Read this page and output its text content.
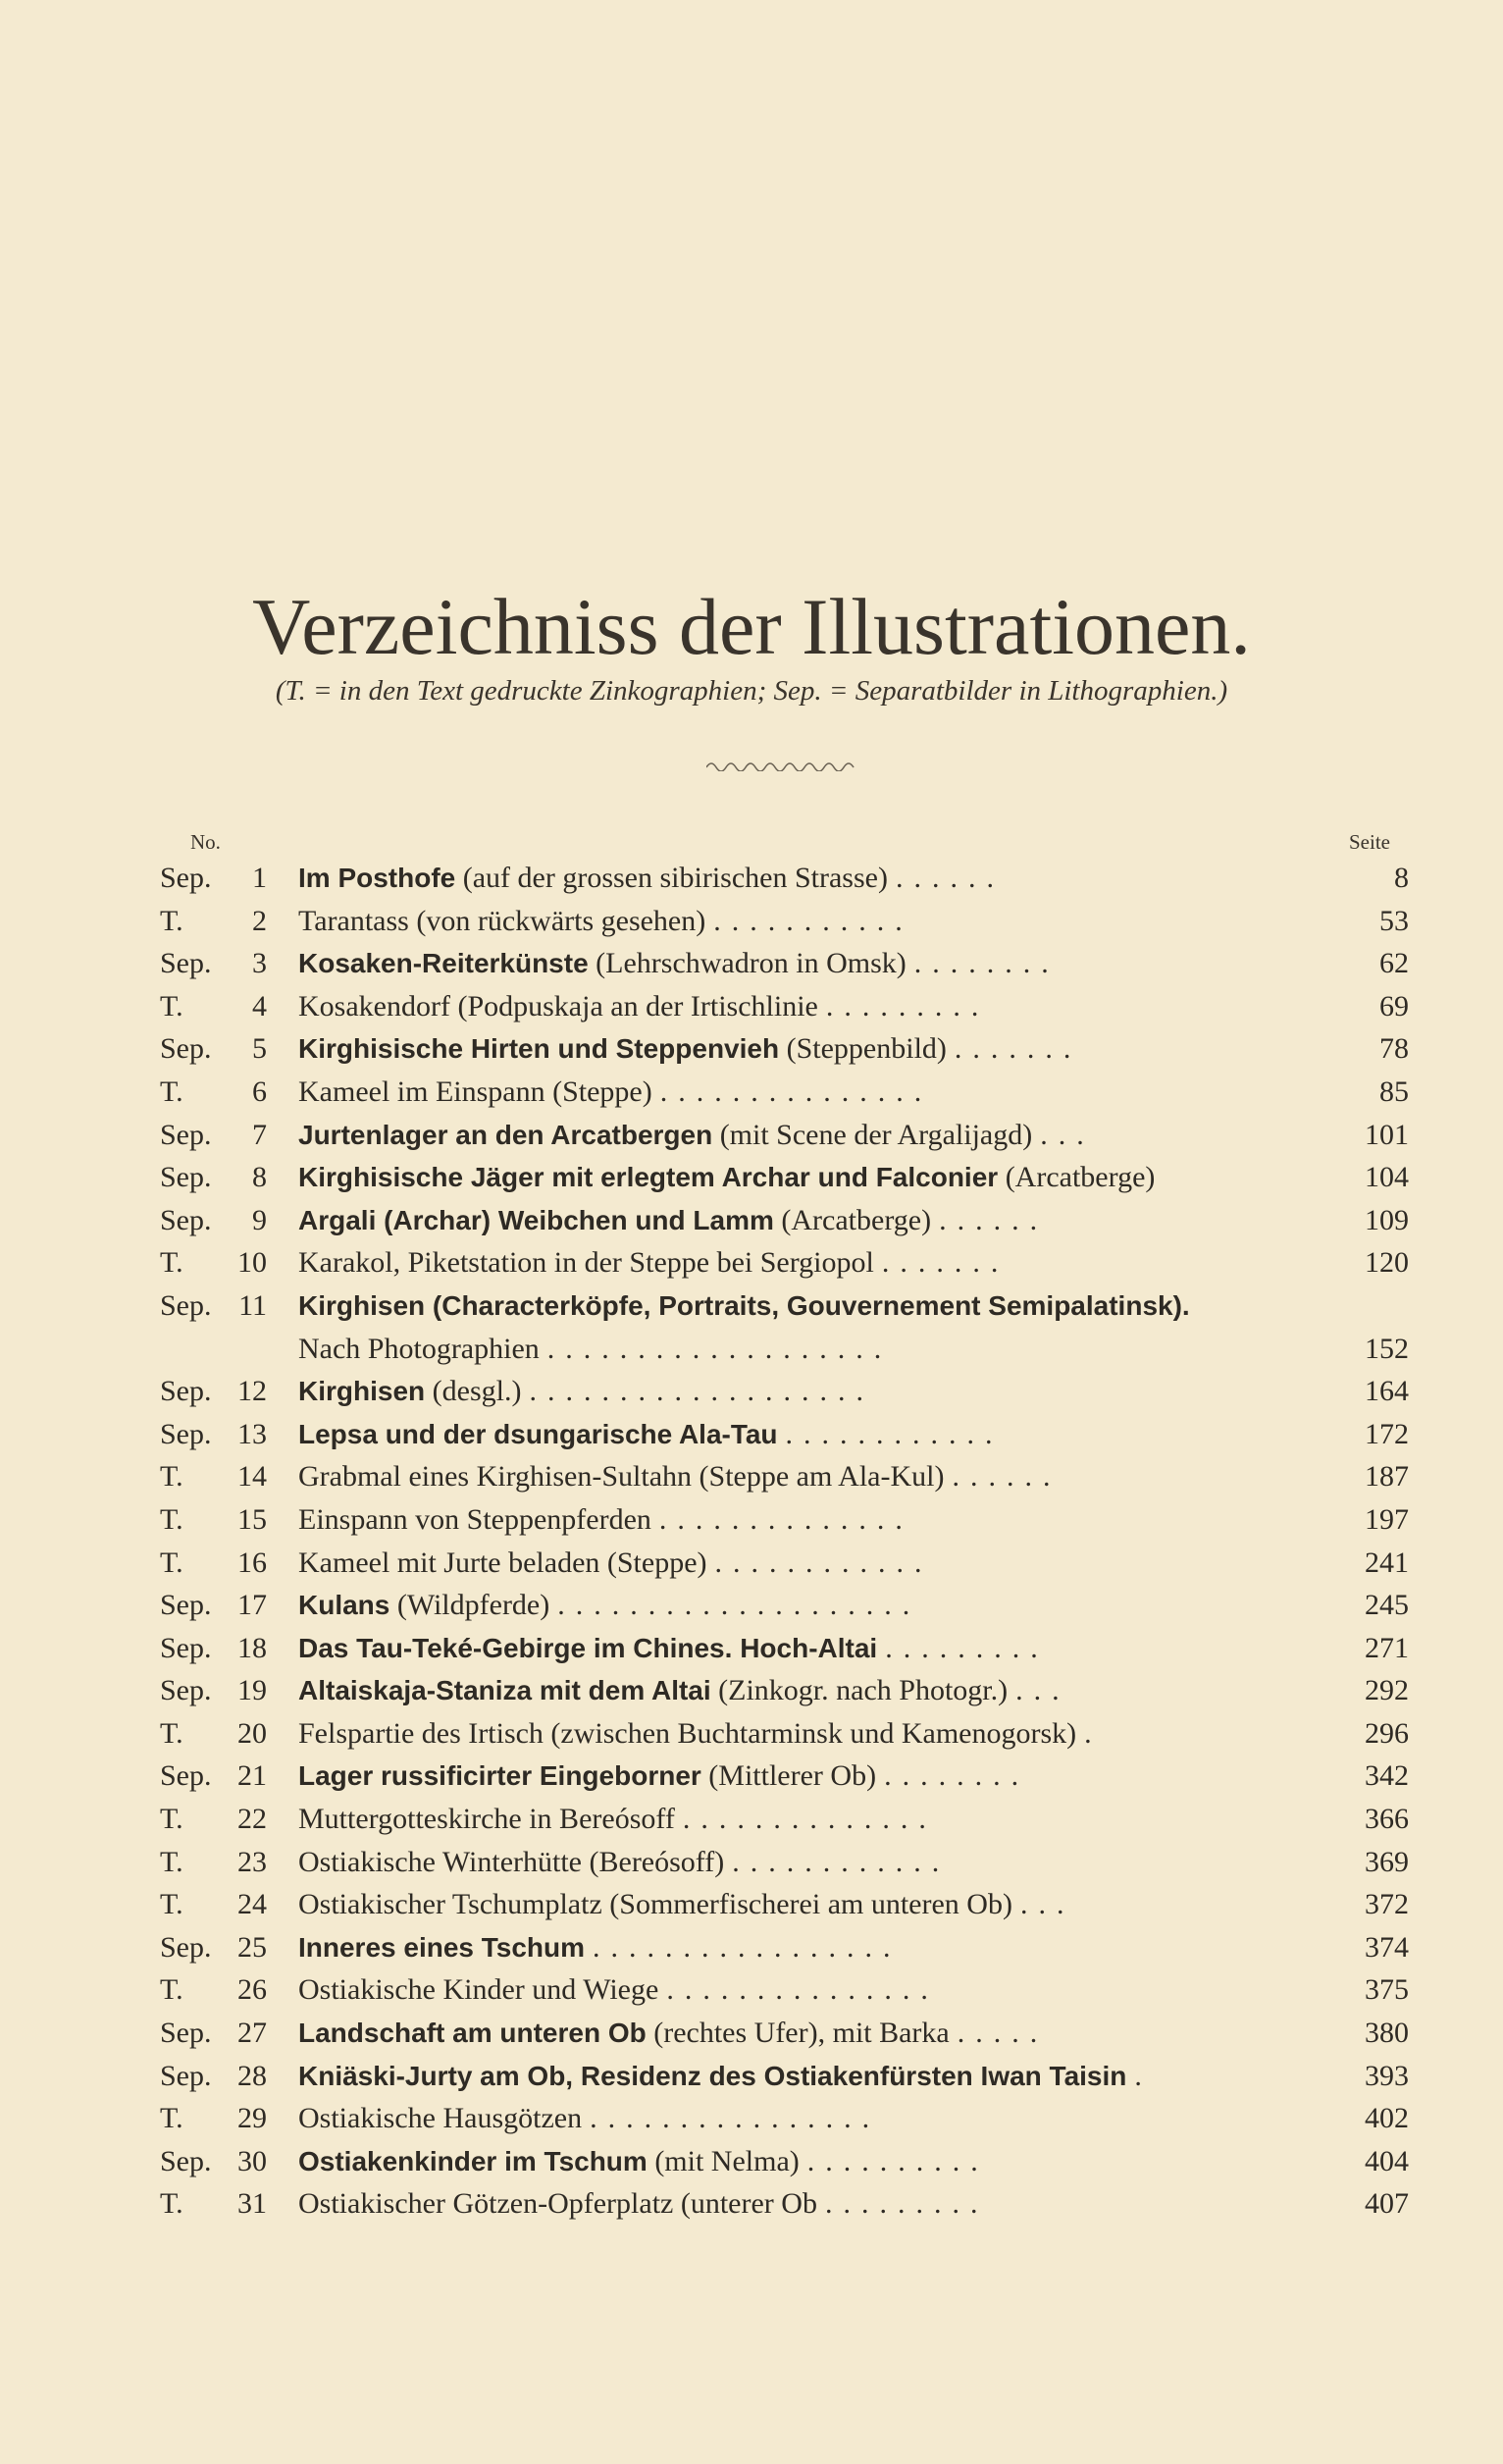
Verzeichniss der Illustrationen.
(T. = in den Text gedruckte Zinkographien; Sep. = Separatbilder in Lithographien.)
No.	Seite
Sep.	1 Im Posthofe (auf der grossen sibirischen Strasse) ......	8
T.	2 Tarantass (von rückwärts gesehen) ...........	53
Sep.	3 Kosaken-Reiterkünste (Lehrschwadron in Omsk) ........	62
T.	4 Kosakendorf (Podpuskaja an der Irtischlinie .........	69
Sep.	5 Kirghisische Hirten und Steppenvieh (Steppenbild) .......	78
T.	6 Kameel im Einspann (Steppe) ...............	85
Sep.	7 Jurtenlager an den Arcatbergen (mit Scene der Argalijagd) ...	101
Sep.	8 Kirghisische Jäger mit erlegtem Archar und Falconier (Arcatberge)	104
Sep.	9 Argali (Archar) Weibchen und Lamm (Arcatberge) ......	109
T.	10 Karakol, Piketstation in der Steppe bei Sergiopol .......	120
Sep. 11 Kirghisen (Characterköpfe, Portraits, Gouvernement Semipalatinsk).
Nach Photographien ...................	152
Sep. 12 Kirghisen (desgl.) ...................	164
Sep. 13 Lepsa und der dsungarische Ala-Tau ............	172
T.	14 Grabmal eines Kirghisen-Sultahn (Steppe am Ala-Kul) ......	187
T.	15 Einspann von Steppenpferden ..............	197
T.	16 Kameel mit Jurte beladen (Steppe) ............	241
Sep. 17 Kulans (Wildpferde) ....................	245
Sep. 18 Das Tau-Teké-Gebirge im Chines. Hoch-Altai .........	271
Sep. 19 Altaiskaja-Staniza mit dem Altai (Zinkogr. nach Photogr.) ...	292
T.	20 Felspartie des Irtisch (zwischen Buchtarminsk und Kamenogorsk) .	296
Sep. 21 Lager russificirter Eingeborner (Mittlerer Ob) ........	342
T.	22 Muttergotteskirche in Bereósoff ..............	366
T.	23 Ostiakische Winterhütte (Bereósoff) ............	369
T.	24 Ostiakischer Tschumplatz (Sommerfischerei am unteren Ob) ...	372
Sep. 25 Inneres eines Tschum .................	374
T.	26 Ostiakische Kinder und Wiege ...............	375
Sep. 27 Landschaft am unteren Ob (rechtes Ufer), mit Barka .....	380
Sep. 28 Kniäski-Jurty am Ob, Residenz des Ostiakenfürsten Iwan Taisin .	393
T.	29 Ostiakische Hausgötzen ................	402
Sep. 30 Ostiakenkinder im Tschum (mit Nelma) ..........	404
T.	31 Ostiakischer Götzen-Opferplatz (unterer Ob .........	407
